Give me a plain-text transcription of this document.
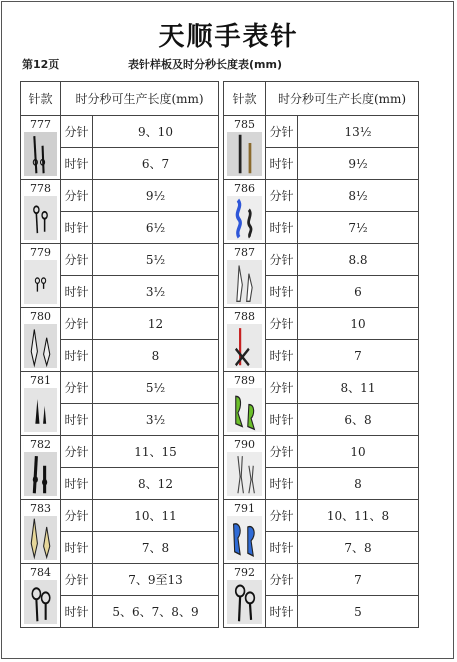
天顺手表针
第12页	表针样板及时分秒长度表(mm)
针款	时分秒可生产长度(mm)	

777	分针	9、10
	时针	6、7

778	分针	9½
	时针	6½

779	分针	5½
	时针	3½

780	分针	12
	时针	8

781	分针	5½
	时针	3½

782	分针	11、15
	时针	8、12

783	分针	10、11
	时针	7、8

784	分针	7、9至13
	时针	5、6、7、8、9
针款	时分秒可生产长度(mm)	

785	分针	13½
	时针	9½

786	分针	8½
	时针	7½

787	分针	8.8
	时针	6

788	分针	10
	时针	7

789	分针	8、11
	时针	6、8

790	分针	10
	时针	8

791	分针	10、11、8
	时针	7、8

792	分针	7
	时针	5
